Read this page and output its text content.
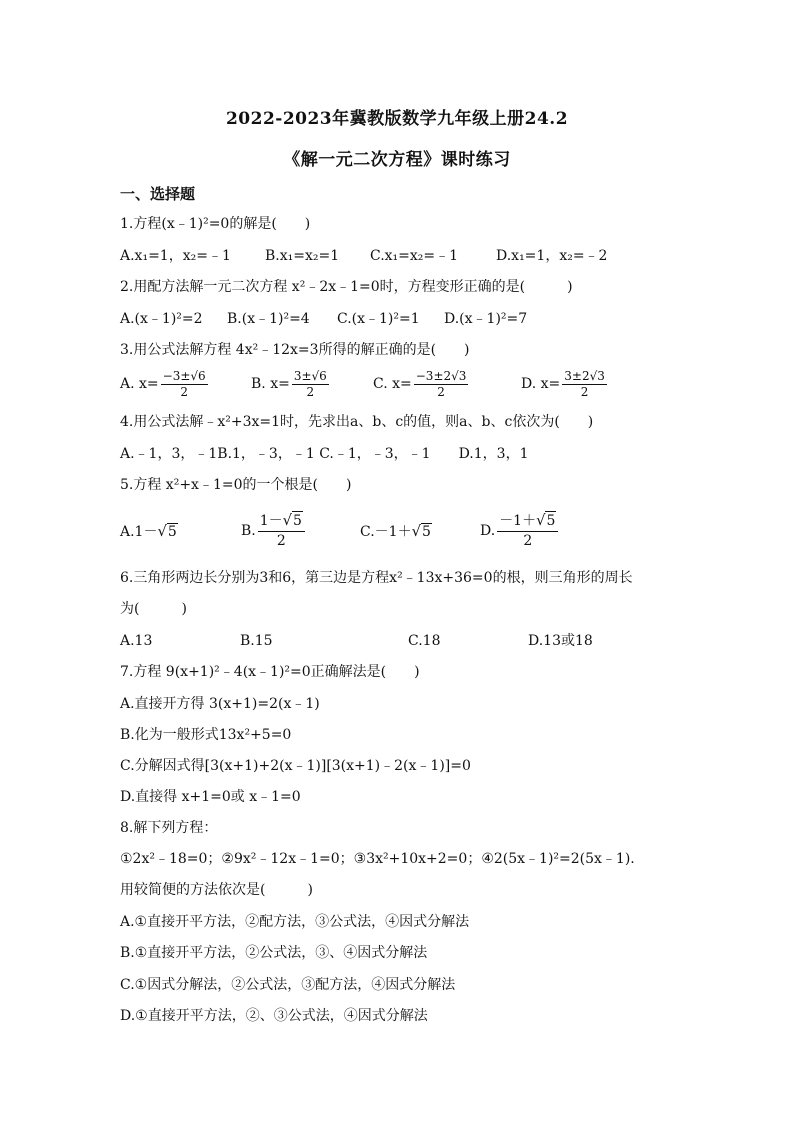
2022-2023年冀教版数学九年级上册24.2
《解一元二次方程》课时练习
一、选择题
1.方程(x﹣1)²=0的解是(　　)
A.x₁=1，x₂=﹣1 B.x₁=x₂=1 C.x₁=x₂=﹣1	D.x₁=1，x₂=﹣2
2.用配方法解一元二次方程 x²﹣2x﹣1=0时，方程变形正确的是(　　　)
A.(x﹣1)²=2 B.(x﹣1)²=4 C.(x﹣1)²=1 D.(x﹣1)²=7
3.用公式法解方程 4x²﹣12x=3所得的解正确的是(　　)
A. $x= \frac{-3\pm√6}{2}$	B. $x= \frac{3\pm√6}{2}$	C. $x= \frac{-3\pm 2√3}{2}$	D. $x= \frac{3\pm 2√3}{2}$
4.用公式法解﹣x²+3x=1时，先求出a、b、c的值，则a、b、c依次为(　　)
A.﹣1，3，﹣1B.1，﹣3，﹣1 C.﹣1，﹣3，﹣1　　D.1，3，1
5.方程 x²+x﹣1=0的一个根是(　　)
A.1－ √ 5	B. $\frac{1- √ 5}{2}$	C.－1＋ √ 5	D. $\frac{-1+ √ 5}{2}$
6.三角形两边长分别为3和6，第三边是方程x²﹣13x+36=0的根，则三角形的周长
为(　　　)
A.13	B.15	C.18	D.13或18
7.方程 9(x+1)²﹣4(x﹣1)²=0正确解法是(　　)
A.直接开方得 3(x+1)=2(x﹣1)
B.化为一般形式13x²+5=0
C.分解因式得[3(x+1)+2(x﹣1)][3(x+1)﹣2(x﹣1)]=0
D.直接得 x+1=0或 x﹣1=0
8.解下列方程：
①2x²﹣18=0；②9x²﹣12x﹣1=0；③3x²+10x+2=0；④2(5x﹣1)²=2(5x﹣1).
用较简便的方法依次是(　　　)
A.①直接开平方法，②配方法，③公式法，④因式分解法
B.①直接开平方法，②公式法，③、④因式分解法
C.①因式分解法，②公式法，③配方法，④因式分解法
D.①直接开平方法，②、③公式法，④因式分解法
